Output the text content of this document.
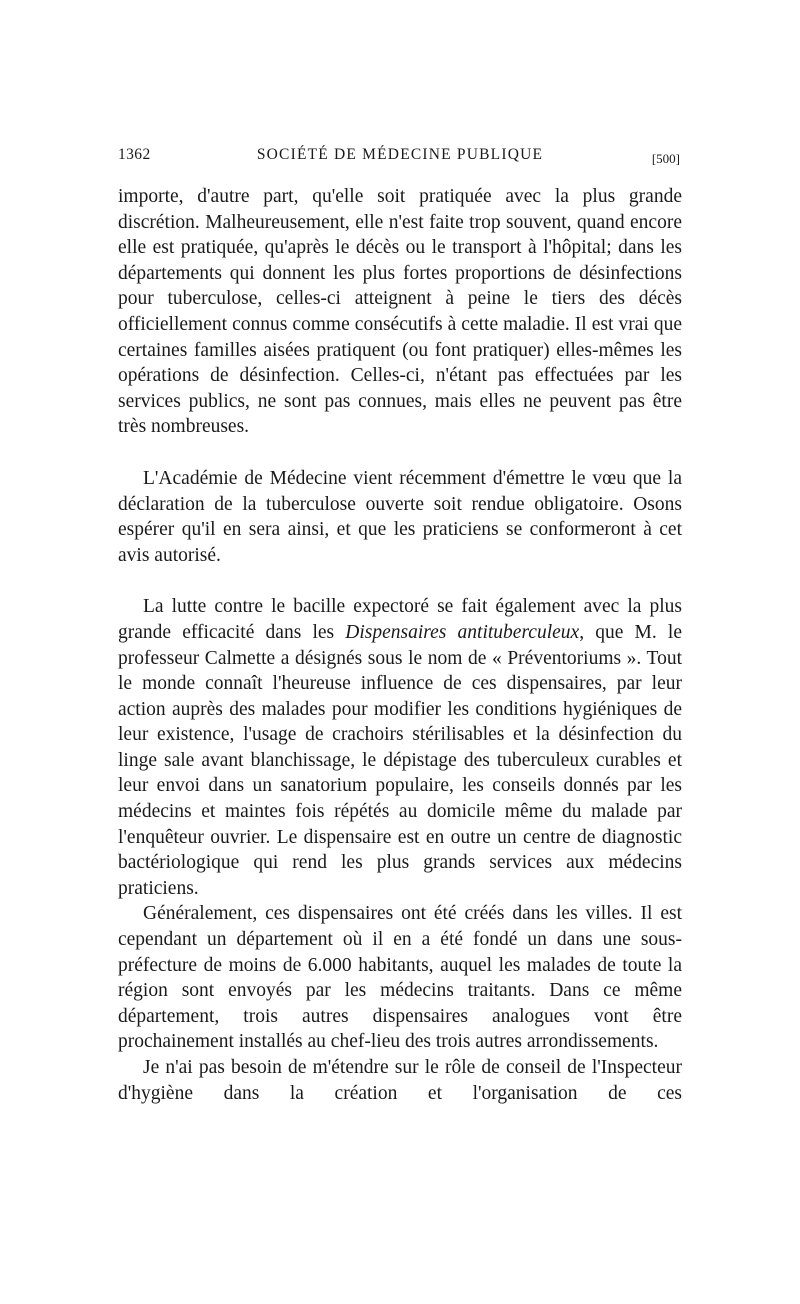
1362	SOCIÉTÉ DE MÉDECINE PUBLIQUE	[500]

importe, d'autre part, qu'elle soit pratiquée avec la plus grande discrétion. Malheureusement, elle n'est faite trop souvent, quand encore elle est pratiquée, qu'après le décès ou le transport à l'hôpital; dans les départements qui donnent les plus fortes proportions de désinfections pour tuberculose, celles-ci atteignent à peine le tiers des décès officiellement connus comme consécutifs à cette maladie. Il est vrai que certaines familles aisées pratiquent (ou font pratiquer) elles-mêmes les opérations de désinfection. Celles-ci, n'étant pas effectuées par les services publics, ne sont pas connues, mais elles ne peuvent pas être très nombreuses.

L'Académie de Médecine vient récemment d'émettre le vœu que la déclaration de la tuberculose ouverte soit rendue obligatoire. Osons espérer qu'il en sera ainsi, et que les praticiens se conformeront à cet avis autorisé.

La lutte contre le bacille expectoré se fait également avec la plus grande efficacité dans les Dispensaires antituberculeux, que M. le professeur Calmette a désignés sous le nom de « Préventoriums ». Tout le monde connaît l'heureuse influence de ces dispensaires, par leur action auprès des malades pour modifier les conditions hygiéniques de leur existence, l'usage de crachoirs stérilisables et la désinfection du linge sale avant blanchissage, le dépistage des tuberculeux curables et leur envoi dans un sanatorium populaire, les conseils donnés par les médecins et maintes fois répétés au domicile même du malade par l'enquêteur ouvrier. Le dispensaire est en outre un centre de diagnostic bactériologique qui rend les plus grands services aux médecins praticiens.

Généralement, ces dispensaires ont été créés dans les villes. Il est cependant un département où il en a été fondé un dans une sous-préfecture de moins de 6.000 habitants, auquel les malades de toute la région sont envoyés par les médecins traitants. Dans ce même département, trois autres dispensaires analogues vont être prochainement installés au chef-lieu des trois autres arrondissements.

Je n'ai pas besoin de m'étendre sur le rôle de conseil de l'Inspecteur d'hygiène dans la création et l'organisation de ces
